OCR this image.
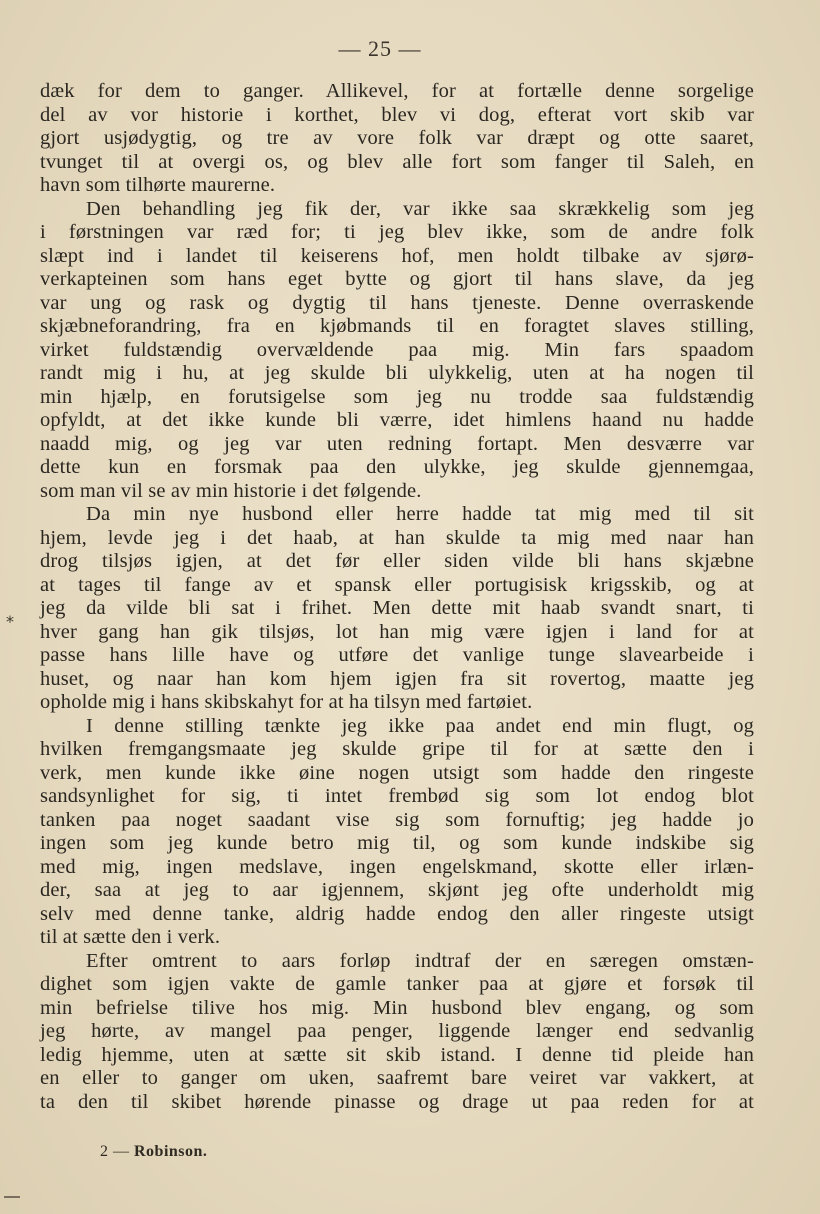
— 25 —
*
dæk for dem to ganger. Allikevel, for at fortælle denne sorgelige
del av vor historie i korthet, blev vi dog, efterat vort skib var
gjort usjødygtig, og tre av vore folk var dræpt og otte saaret,
tvunget til at overgi os, og blev alle fort som fanger til Saleh, en
havn som tilhørte maurerne.
Den behandling jeg fik der, var ikke saa skrækkelig som jeg
i førstningen var ræd for; ti jeg blev ikke, som de andre folk
slæpt ind i landet til keiserens hof, men holdt tilbake av sjørø-
verkapteinen som hans eget bytte og gjort til hans slave, da jeg
var ung og rask og dygtig til hans tjeneste. Denne overraskende
skjæbneforandring, fra en kjøbmands til en foragtet slaves stilling,
virket fuldstændig overvældende paa mig. Min fars spaadom
randt mig i hu, at jeg skulde bli ulykkelig, uten at ha nogen til
min hjælp, en forutsigelse som jeg nu trodde saa fuldstændig
opfyldt, at det ikke kunde bli værre, idet himlens haand nu hadde
naadd mig, og jeg var uten redning fortapt. Men desværre var
dette kun en forsmak paa den ulykke, jeg skulde gjennemgaa,
som man vil se av min historie i det følgende.
Da min nye husbond eller herre hadde tat mig med til sit
hjem, levde jeg i det haab, at han skulde ta mig med naar han
drog tilsjøs igjen, at det før eller siden vilde bli hans skjæbne
at tages til fange av et spansk eller portugisisk krigsskib, og at
jeg da vilde bli sat i frihet. Men dette mit haab svandt snart, ti
hver gang han gik tilsjøs, lot han mig være igjen i land for at
passe hans lille have og utføre det vanlige tunge slavearbeide i
huset, og naar han kom hjem igjen fra sit rovertog, maatte jeg
opholde mig i hans skibskahyt for at ha tilsyn med fartøiet.
I denne stilling tænkte jeg ikke paa andet end min flugt, og
hvilken fremgangsmaate jeg skulde gripe til for at sætte den i
verk, men kunde ikke øine nogen utsigt som hadde den ringeste
sandsynlighet for sig, ti intet frembød sig som lot endog blot
tanken paa noget saadant vise sig som fornuftig; jeg hadde jo
ingen som jeg kunde betro mig til, og som kunde indskibe sig
med mig, ingen medslave, ingen engelskmand, skotte eller irlæn-
der, saa at jeg to aar igjennem, skjønt jeg ofte underholdt mig
selv med denne tanke, aldrig hadde endog den aller ringeste utsigt
til at sætte den i verk.
Efter omtrent to aars forløp indtraf der en særegen omstæn-
dighet som igjen vakte de gamle tanker paa at gjøre et forsøk til
min befrielse tilive hos mig. Min husbond blev engang, og som
jeg hørte, av mangel paa penger, liggende længer end sedvanlig
ledig hjemme, uten at sætte sit skib istand. I denne tid pleide han
en eller to ganger om uken, saafremt bare veiret var vakkert, at
ta den til skibet hørende pinasse og drage ut paa reden for at
2 — Robinson.
